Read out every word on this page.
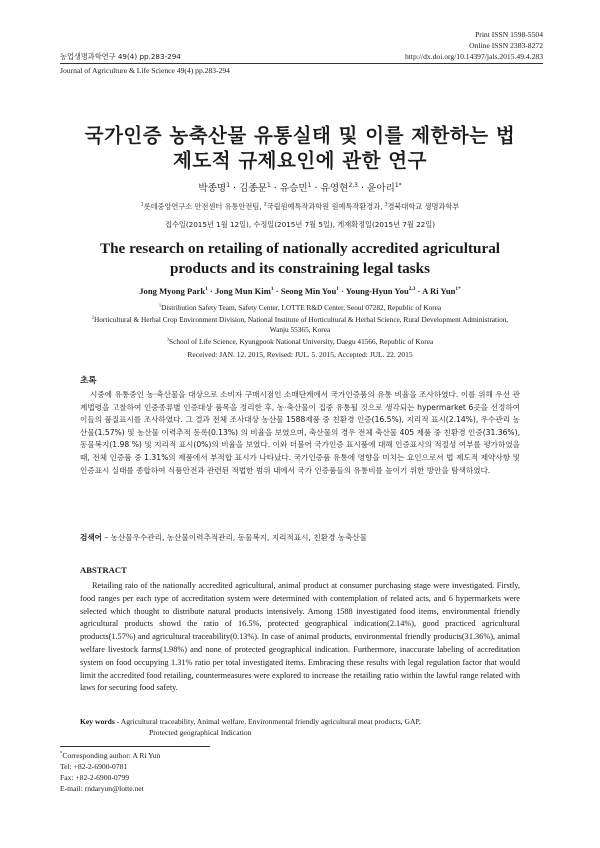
Print ISSN 1598-5504
Online ISSN 2383-8272
농업생명과학연구 49(4) pp.283-294	http://dx.doi.org/10.14397/jals.2015.49.4.283
Journal of Agriculture & Life Science 49(4) pp.283-294
국가인증 농축산물 유통실태 및 이를 제한하는 법
제도적 규제요인에 관한 연구
박종명$^1$ · 김종문$^1$ · 유승민$^1$ · 유영현$^{2,3}$ · 윤아리$^{1*}$
$^1$롯데중앙연구소 안전센터 유통안전팀, $^2$국립원예특작과학원 원예특작환경과, $^3$경북대학교 생명과학부
접수일(2015년 1월 12일), 수정일(2015년 7월 5일), 게재확정일(2015년 7월 22일)
The research on retailing of nationally accredited agricultural
products and its constraining legal tasks
Jong Myong Park$^1$ · Jong Mun Kim$^1$ · Seong Min You$^1$ · Young-Hyun You$^{2,3}$ · A Ri Yun$^{1*}$
$^1$Distribution Safety Team, Safety Center, LOTTE R&D Center, Seoul 07282, Republic of Korea
$^2$Horticultural & Herbal Crop Environment Division, National Institute of Horticultural & Herbal Science, Rural Development Administration,
Wanju 55365, Korea
$^3$School of Life Science, Kyungpook National University, Daegu 41566, Republic of Korea
Received: JAN. 12. 2015, Revised: JUL. 5. 2015, Accepted: JUL. 22. 2015
초록
시중에 유통중인 농·축산물을 대상으로 소비자 구매시점인 소매단계에서 국가인증품의 유통 비율을 조사하였다. 이를 위해 우선 관계법령을 고찰하여 인증종류별 인증대상 품목을 정리한 후, 농·축산물이 집중 유통될 것으로 생각되는 hypermarket 6곳을 선정하여 이들의 품질표시를 조사하였다. 그 결과 전체 조사대상 농산물 1588제품 중 친환경 인증(16.5%), 지리적 표시(2.14%), 우수관리 농산물(1.57%) 및 농산물 이력추적 등록(0.13%) 의 비율을 보였으며, 축산물의 경우 전체 축산물 405 제품 중 친환경 인증(31.36%), 동물복지(1.98 %) 및 지리적 표시(0%)의 비율을 보였다. 이와 더불어 국가인증 표시품에 대해 인증표시의 적절성 여부를 평가하였을 때, 전체 인증품 중 1.31%의 제품에서 부적합 표시가 나타났다. 국가인증품 유통에 영향을 미치는 요인으로서 법 제도적 제약사항 및 인증표시 실태를 종합하여 식품안전과 관련된 적법한 범위 내에서 국가 인증품들의 유통비를 높이기 위한 방안을 탐색하였다.
검색어 – 농산물우수관리, 농산물이력추적관리, 동물복지, 지리적표시, 친환경 농축산물
ABSTRACT
Retailing raio of the nationally accredited agricultural, animal product at consumer purchasing stage were investigated. Firstly, food ranges per each type of accreditation system were determined with contemplation of related acts, and 6 hypermarkets were selected which thought to distribute natural products intensively. Among 1588 investigated food items, environmental friendly agricultural products showd the ratio of 16.5%, protected geographical indication(2.14%), good practiced agricultural products(1.57%) and agricultural traceability(0.13%). In case of animal products, environmental friendly products(31.36%), animal welfare livestock farms(1.98%) and none of protected geographical indication. Furthermore, inaccurate labeling of accreditation system on food occupying 1.31% ratio per total investigated items. Embracing these results with legal regulation factor that would limit the accredited food retailing, countermeasures were explored to increase the retailing ratio within the lawful range related with laws for securing food safety.
Key words - Agricultural traceability, Animal welfare, Environmental friendly agricultural meat products, GAP,
Protected geographical Indication
*Corresponding author: A Ri Yun
Tel: +82-2-6900-0781
Fax: +82-2-6900-0799
E-mail: rndaryun@lotte.net
